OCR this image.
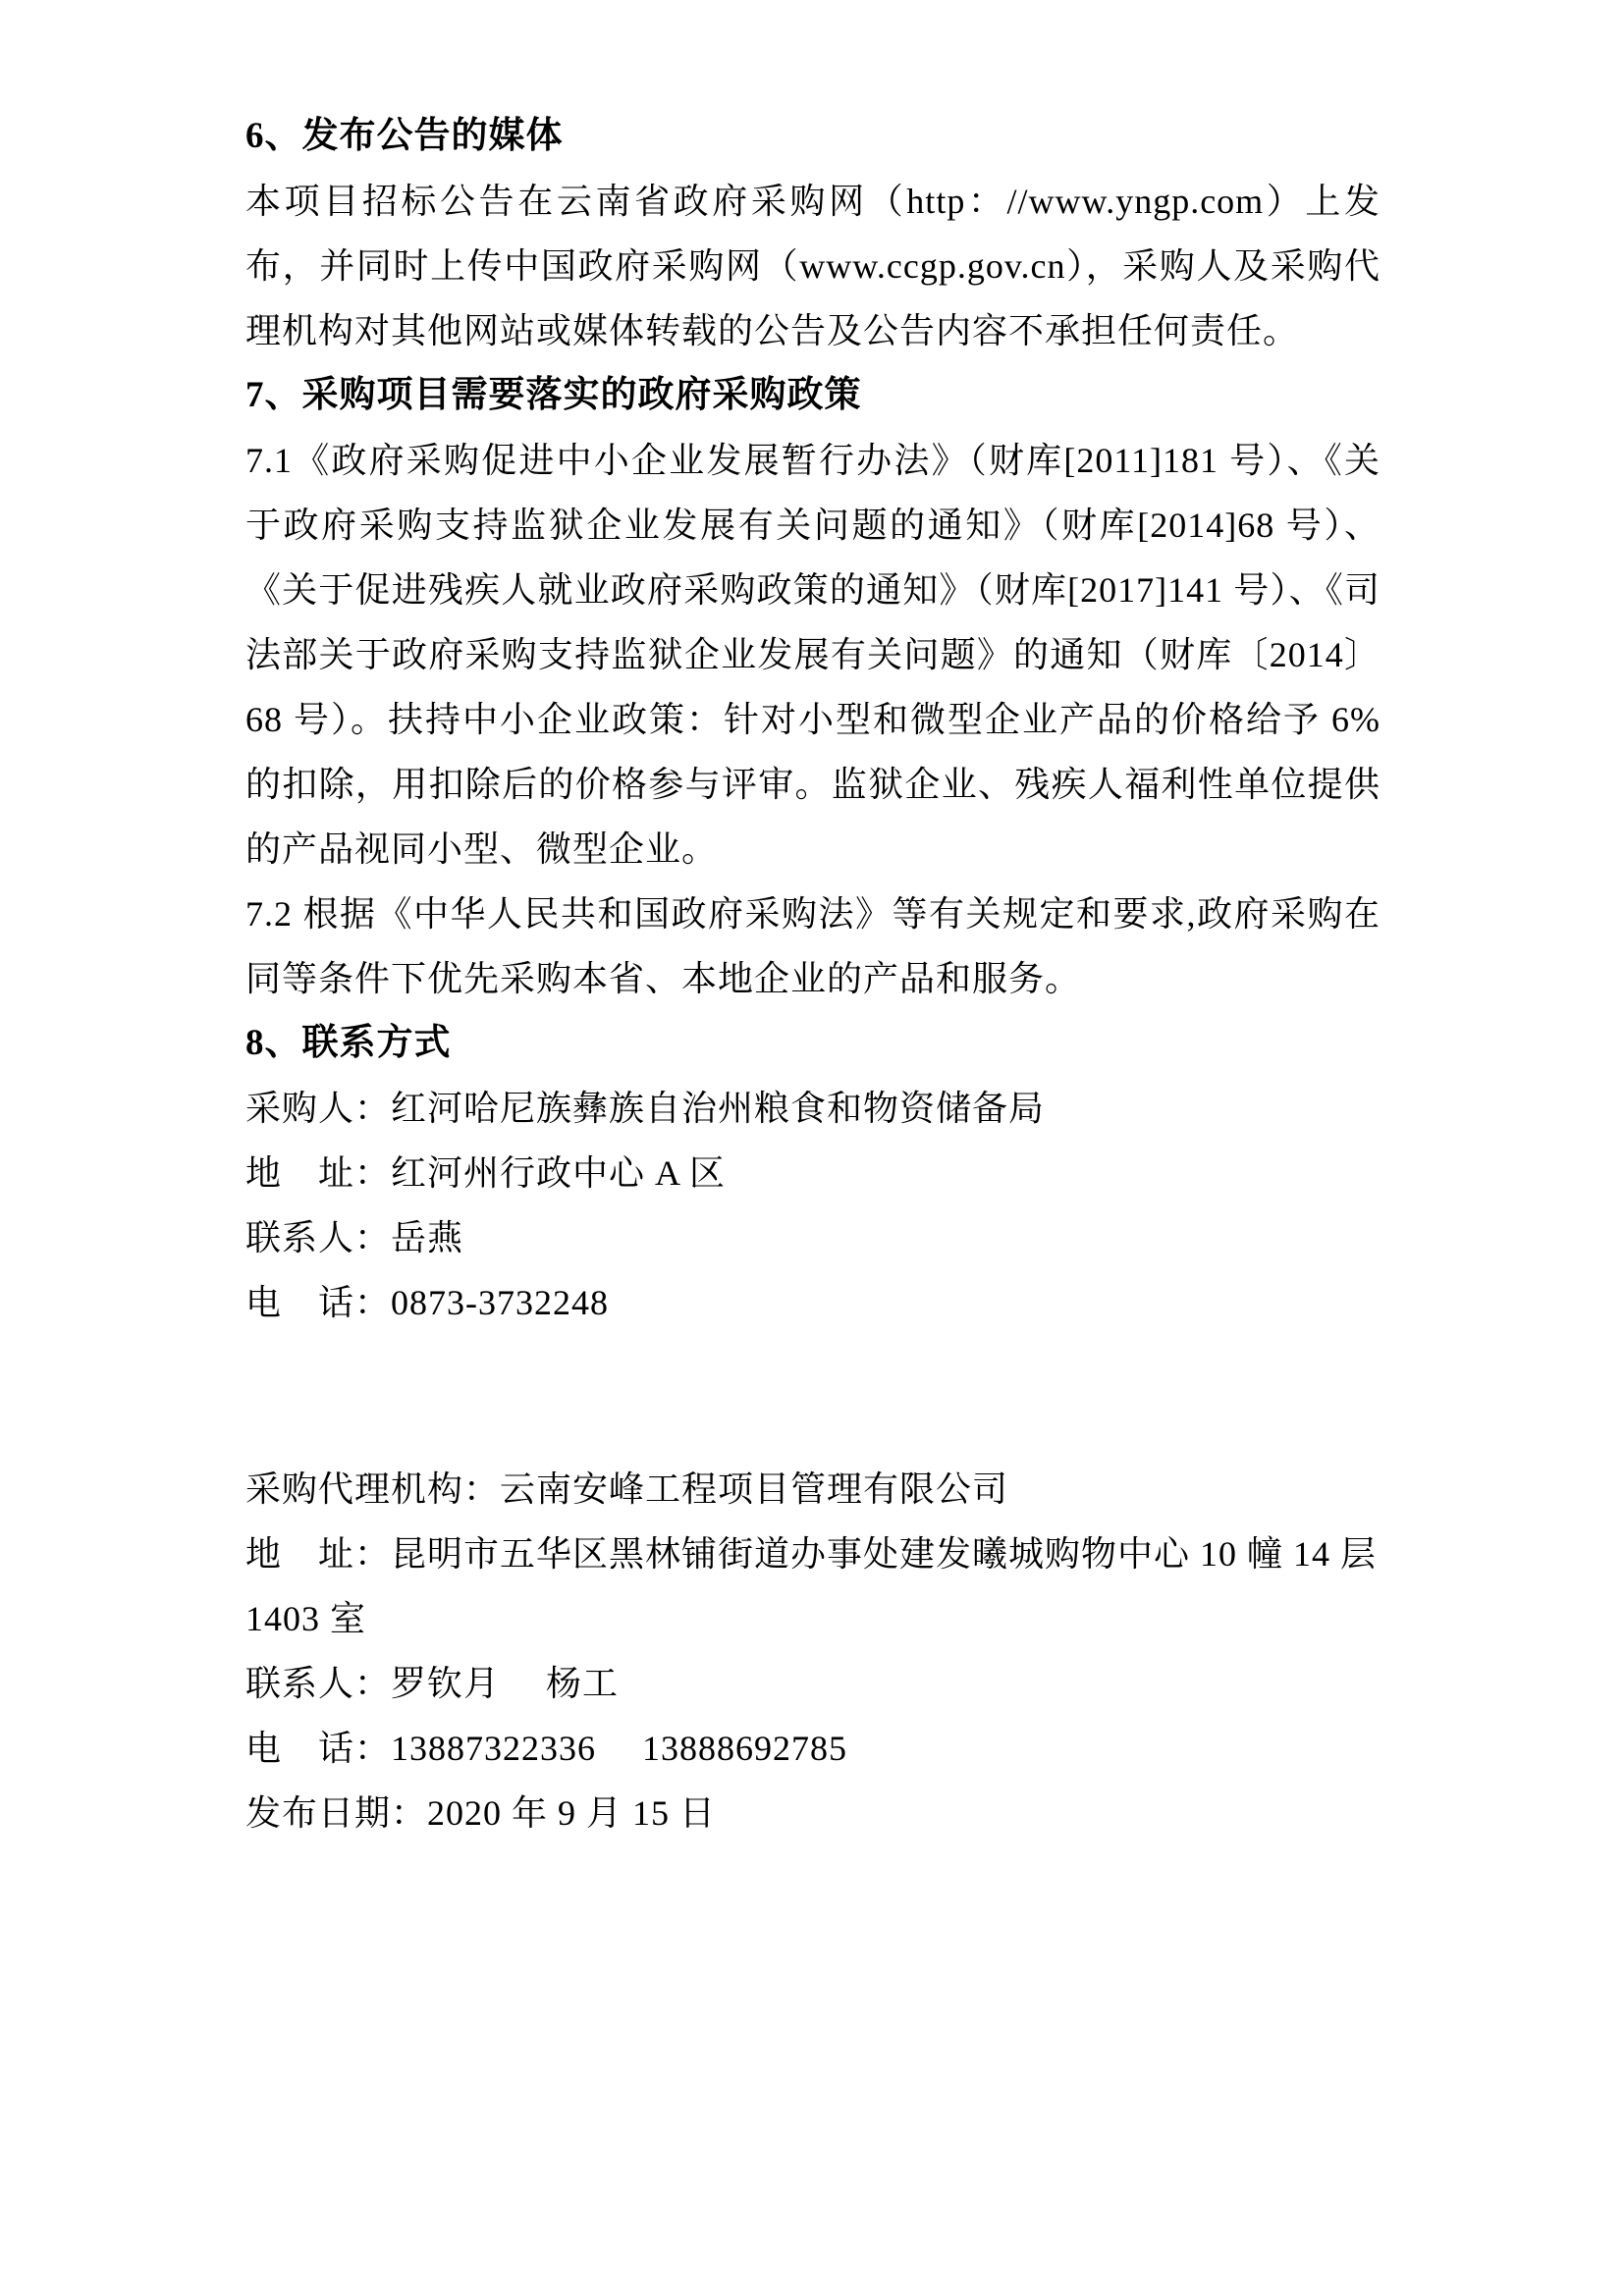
6、发布公告的媒体

本项目招标公告在云南省政府采购网（http：//www.yngp.com）上发布，并同时上传中国政府采购网（www.ccgp.gov.cn），采购人及采购代理机构对其他网站或媒体转载的公告及公告内容不承担任何责任。

7、采购项目需要落实的政府采购政策

7.1《政府采购促进中小企业发展暂行办法》（财库[2011]181 号）、《关于政府采购支持监狱企业发展有关问题的通知》（财库[2014]68 号）、《关于促进残疾人就业政府采购政策的通知》（财库[2017]141 号）、《司法部关于政府采购支持监狱企业发展有关问题》的通知（财库〔2014〕68 号）。扶持中小企业政策：针对小型和微型企业产品的价格给予 6%的扣除，用扣除后的价格参与评审。监狱企业、残疾人福利性单位提供的产品视同小型、微型企业。

7.2 根据《中华人民共和国政府采购法》等有关规定和要求,政府采购在同等条件下优先采购本省、本地企业的产品和服务。

8、联系方式

采购人：红河哈尼族彝族自治州粮食和物资储备局

地　址：红河州行政中心 A 区

联系人：岳燕

电　话：0873-3732248

采购代理机构：云南安峰工程项目管理有限公司

地　址：昆明市五华区黑林铺街道办事处建发曦城购物中心 10 幢 14 层 1403 室

联系人：罗钦月　 杨工

电　话：13887322336　 13888692785

发布日期：2020 年 9 月 15 日
